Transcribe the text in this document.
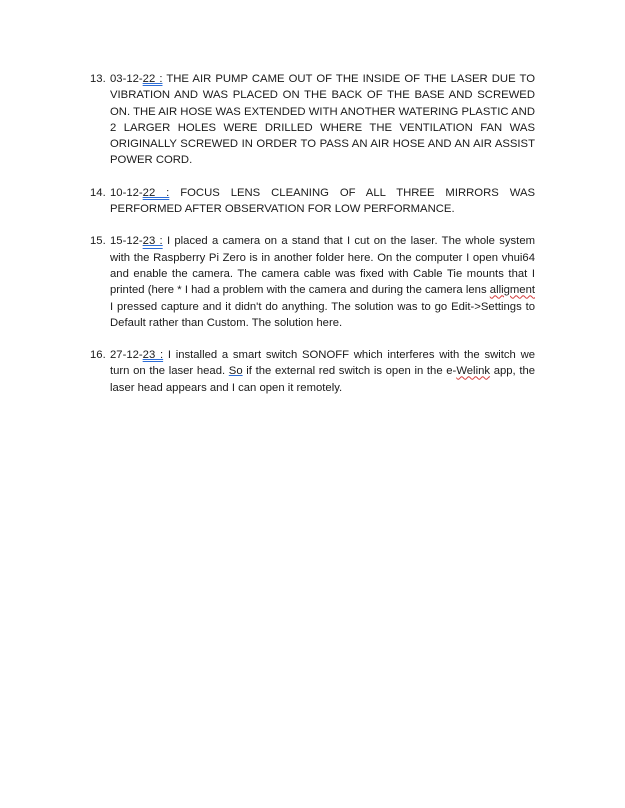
13. 03-12-22 : THE AIR PUMP CAME OUT OF THE INSIDE OF THE LASER DUE TO VIBRATION AND WAS PLACED ON THE BACK OF THE BASE AND SCREWED ON. THE AIR HOSE WAS EXTENDED WITH ANOTHER WATERING PLASTIC AND 2 LARGER HOLES WERE DRILLED WHERE THE VENTILATION FAN WAS ORIGINALLY SCREWED IN ORDER TO PASS AN AIR HOSE AND AN AIR ASSIST POWER CORD.
14. 10-12-22 : FOCUS LENS CLEANING OF ALL THREE MIRRORS WAS PERFORMED AFTER OBSERVATION FOR LOW PERFORMANCE.
15. 15-12-23 : I placed a camera on a stand that I cut on the laser. The whole system with the Raspberry Pi Zero is in another folder here. On the computer I open vhui64 and enable the camera. The camera cable was fixed with Cable Tie mounts that I printed (here * I had a problem with the camera and during the camera lens alligment I pressed capture and it didn't do anything. The solution was to go Edit->Settings to Default rather than Custom. The solution here.
16. 27-12-23 : I installed a smart switch SONOFF which interferes with the switch we turn on the laser head. So if the external red switch is open in the e-Welink app, the laser head appears and I can open it remotely.
